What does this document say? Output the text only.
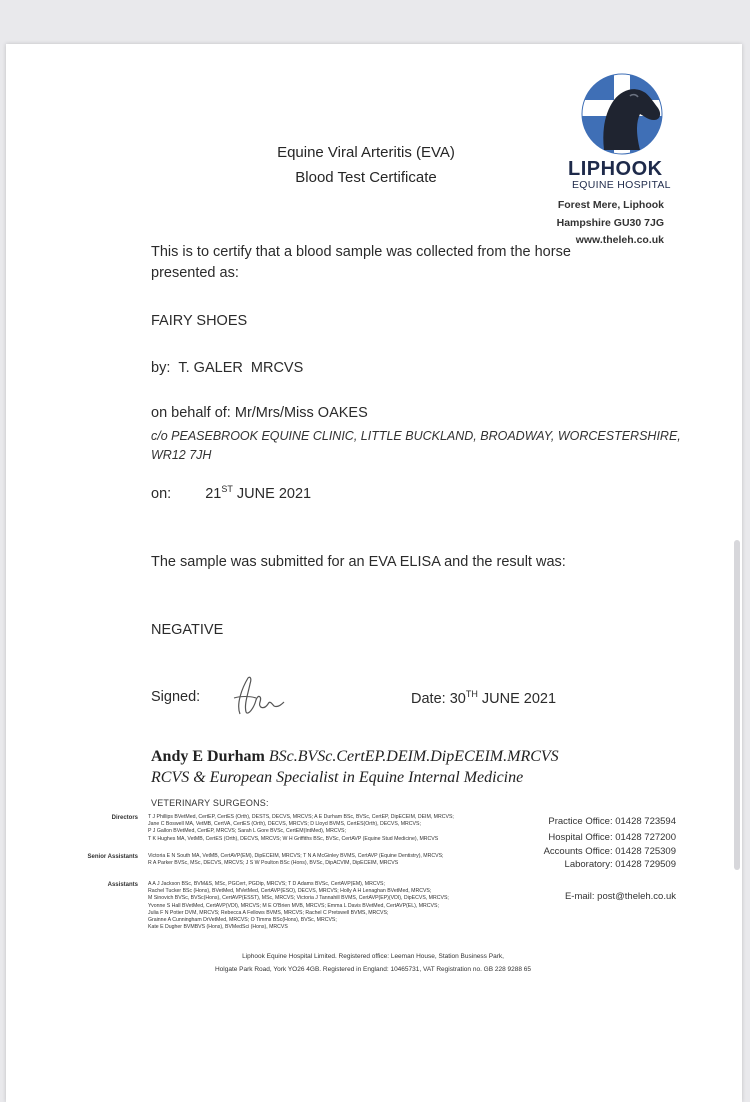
Equine Viral Arteritis (EVA)
Blood Test Certificate	LIPHOOK
EQUINE HOSPITAL
Forest Mere, Liphook
Hampshire GU30 7JG
www.theleh.co.uk
This is to certify that a blood sample was collected from the horse
presented as:
FAIRY SHOES
by: T. GALER  MRCVS
on behalf of: Mr/Mrs/Miss OAKES
c/o PEASEBROOK EQUINE CLINIC, LITTLE BUCKLAND, BROADWAY, WORCESTERSHIRE,
WR12 7JH
on: 21ST JUNE 2021
The sample was submitted for an EVA ELISA and the result was:
NEGATIVE
Signed:	Date: 30TH JUNE 2021
Andy E Durham BSc.BVSc.CertEP.DEIM.DipECEIM.MRCVS
RCVS & European Specialist in Equine Internal Medicine
VETERINARY SURGEONS:
Directors T J Phillips BVetMed, CertEP, CertES (Orth), DESTS, DECVS, MRCVS; A E Durham BSc, BVSc, CertEP, DipECEIM, DEIM, MRCVS;
Jane C Boswell MA, VetMB, CertVA, CertES (Orth), DECVS, MRCVS; D Lloyd BVMS, CertES(Orth), DECVS, MRCVS;
P J Gallon BVetMed, CertEP, MRCVS; Sarah L Gore BVSc, CertEM(IntMed), MRCVS;
T K Hughes MA, VetMB, CertES (Orth), DECVS, MRCVS; W H Griffiths BSc, BVSc, CertAVP (Equine Stud Medicine), MRCVS
Senior Assistants Victoria E N South MA, VetMB, CertAVP(EM), DipECEIM, MRCVS; T N A McGinley BVMS, CertAVP (Equine Dentistry), MRCVS;
R A Parker BVSc, MSc, DECVS, MRCVS; J S W Poulton BSc (Hons), BVSc, DipACVIM, DipECEIM, MRCVS
Assistants A A J Jackson BSc, BVM&S, MSc, PGCert, PGDip, MRCVS; T D Adams BVSc, CertAVP(EM), MRCVS;
Rachel Tucker BSc (Hons), BVetMed, MVetMed, CertAVP(ESO), DECVS, MRCVS; Holly A H Lenaghan BVetMed, MRCVS;
M Sinovich BVSc, BVSc(Hons), CertAVP(ESST), MSc, MRCVS; Victoria J Tannahill BVMS, CertAVP(EP)(VDI), DipECVS, MRCVS;
Yvonne S Hall BVetMed, CertAVP(VDI), MRCVS; M E O'Brien MVB, MRCVS; Emma L Davis BVetMed, CertAVP(EL), MRCVS;
Julia F N Potier DVM, MRCVS; Rebecca A Fellows BVMS, MRCVS; Rachel C Pretswell BVMS, MRCVS;
Grainne A Cunningham DrVetMed, MRCVS; O Timms BSc(Hons), BVSc, MRCVS;
Kate E Dugher BVMBVS (Hons), BVMedSci (Hons), MRCVS
Practice Office: 01428 723594
Hospital Office: 01428 727200
Accounts Office: 01428 725309
Laboratory: 01428 729509
E-mail: post@theleh.co.uk
Liphook Equine Hospital Limited. Registered office: Leeman House, Station Business Park,
Holgate Park Road, York YO26 4GB. Registered in England: 10465731, VAT Registration no. GB 228 9288 65
